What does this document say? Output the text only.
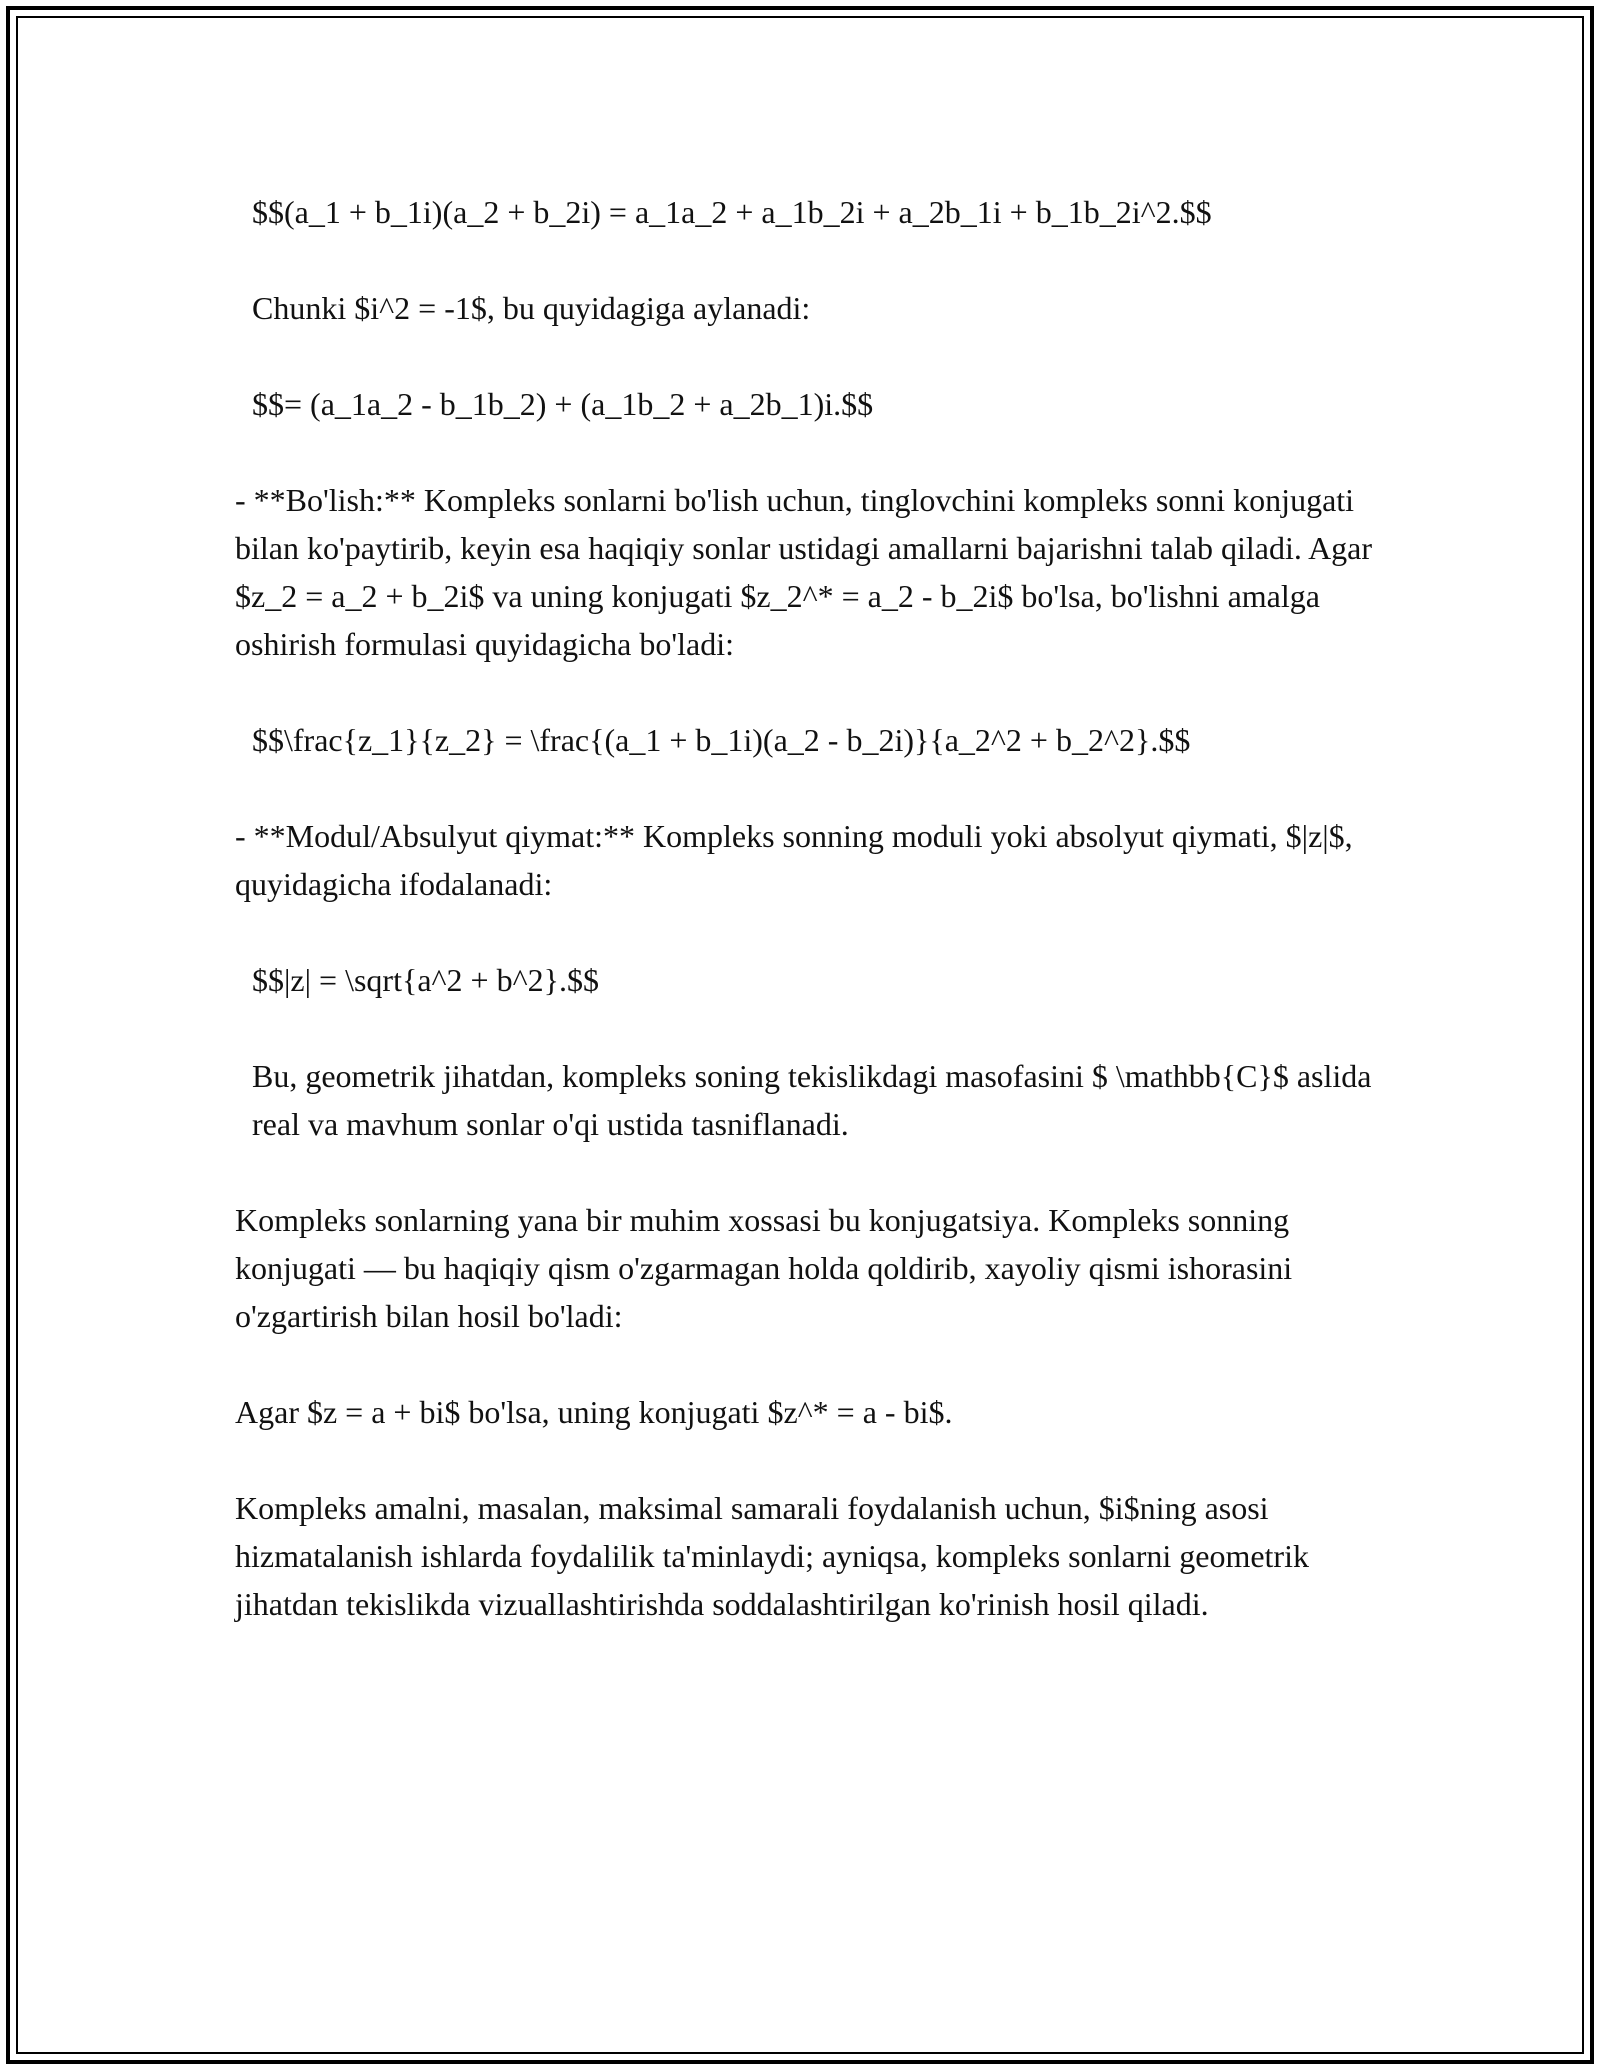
$$(a_1 + b_1i)(a_2 + b_2i) = a_1a_2 + a_1b_2i + a_2b_1i + b_1b_2i^2.$$

Chunki $i^2 = -1$, bu quyidagiga aylanadi:

$$= (a_1a_2 - b_1b_2) + (a_1b_2 + a_2b_1)i.$$

- **Bo'lish:** Kompleks sonlarni bo'lish uchun, tinglovchini kompleks sonni konjugati bilan ko'paytirib, keyin esa haqiqiy sonlar ustidagi amallarni bajarishni talab qiladi. Agar $z_2 = a_2 + b_2i$ va uning konjugati $z_2^* = a_2 - b_2i$ bo'lsa, bo'lishni amalga oshirish formulasi quyidagicha bo'ladi:

$$\frac{z_1}{z_2} = \frac{(a_1 + b_1i)(a_2 - b_2i)}{a_2^2 + b_2^2}.$$

- **Modul/Absulyut qiymat:** Kompleks sonning moduli yoki absolyut qiymati, $|z|$, quyidagicha ifodalanadi:

$$|z| = \sqrt{a^2 + b^2}.$$

Bu, geometrik jihatdan, kompleks soning tekislikdagi masofasini $ \mathbb{C}$ aslida real va mavhum sonlar o'qi ustida tasniflanadi.

Kompleks sonlarning yana bir muhim xossasi bu konjugatsiya. Kompleks sonning konjugati — bu haqiqiy qism o'zgarmagan holda qoldirib, xayoliy qismi ishorasini o'zgartirish bilan hosil bo'ladi:

Agar $z = a + bi$ bo'lsa, uning konjugati $z^* = a - bi$.

Kompleks amalni, masalan, maksimal samarali foydalanish uchun, $i$ning asosi hizmatalanish ishlarda foydalilik ta'minlaydi; ayniqsa, kompleks sonlarni geometrik jihatdan tekislikda vizuallashtirishda soddalashtirilgan ko'rinish hosil qiladi.
